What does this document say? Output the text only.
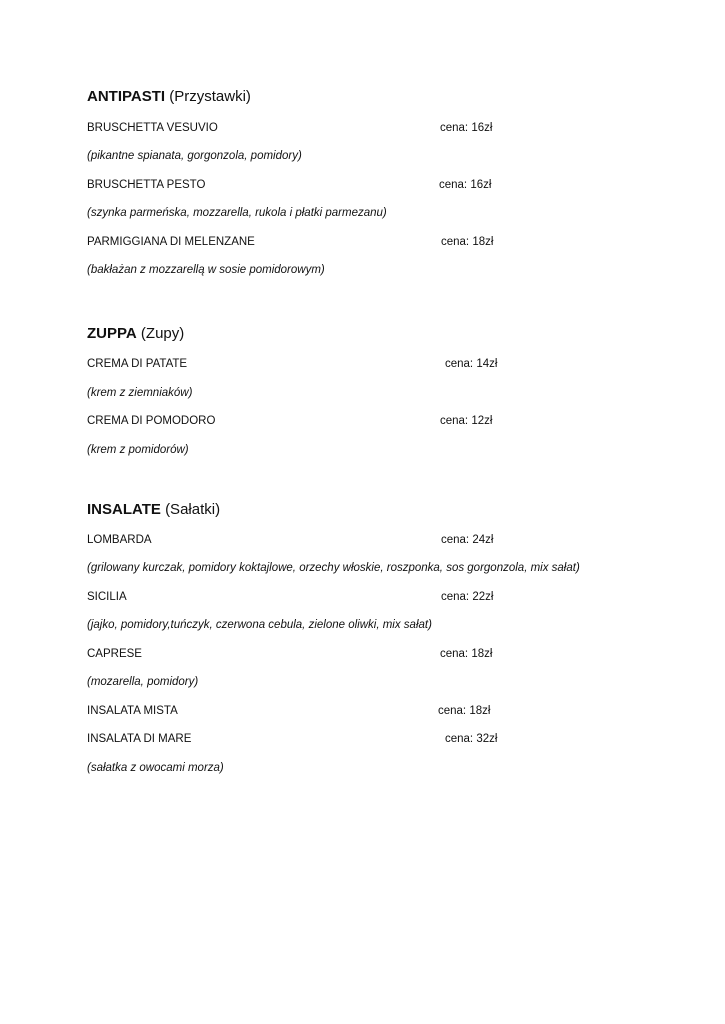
ANTIPASTI (Przystawki)
BRUSCHETTA VESUVIO	cena: 16zł
(pikantne spianata, gorgonzola, pomidory)
BRUSCHETTA PESTO	cena: 16zł
(szynka parmeńska, mozzarella, rukola i płatki parmezanu)
PARMIGGIANA DI MELENZANE	cena: 18zł
(bakłażan z mozzarellą w sosie pomidorowym)
ZUPPA (Zupy)
CREMA DI PATATE	cena: 14zł
(krem z ziemniaków)
CREMA DI POMODORO	cena: 12zł
(krem z pomidorów)
INSALATE (Sałatki)
LOMBARDA	cena: 24zł
(grilowany kurczak, pomidory koktajlowe, orzechy włoskie, roszponka, sos gorgonzola, mix sałat)
SICILIA	cena: 22zł
(jajko, pomidory,tuńczyk, czerwona cebula, zielone oliwki, mix sałat)
CAPRESE	cena: 18zł
(mozarella, pomidory)
INSALATA MISTA	cena: 18zł
INSALATA DI MARE	cena: 32zł
(sałatka z owocami morza)
